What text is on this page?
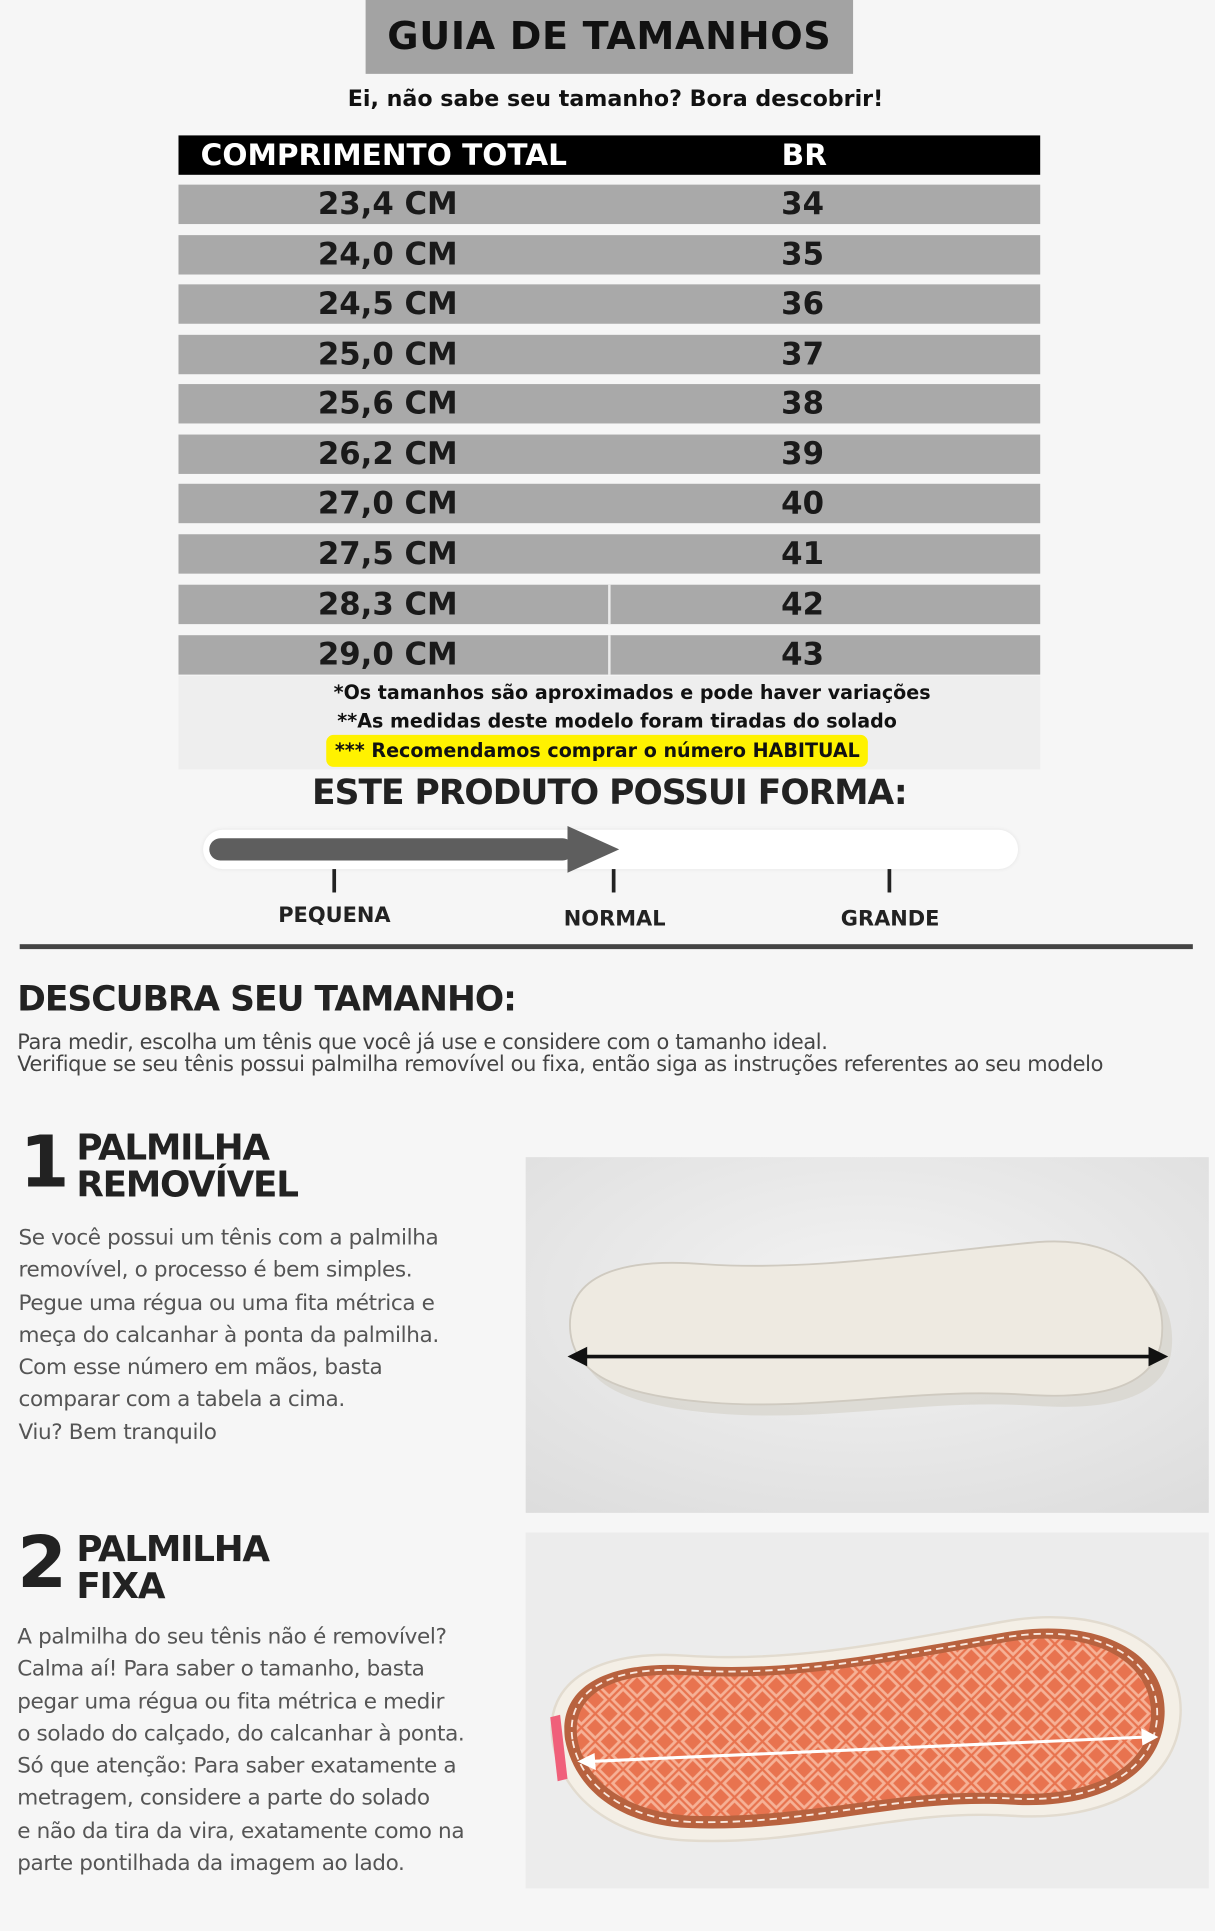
GUIA DE TAMANHOS
Ei, não sabe seu tamanho? Bora descobrir!
COMPRIMENTO TOTAL	BR
23,4 CM	34
24,0 CM	35
24,5 CM	36
25,0 CM	37
25,6 CM	38
26,2 CM	39
27,0 CM	40
27,5 CM	41
28,3 CM	42
29,0 CM	43
*Os tamanhos são aproximados e pode haver variações
**As medidas deste modelo foram tiradas do solado
*** Recomendamos comprar o número HABITUAL
ESTE PRODUTO POSSUI FORMA:
PEQUENA	NORMAL	GRANDE
DESCUBRA SEU TAMANHO:
Para medir, escolha um tênis que você já use e considere com o tamanho ideal.
Verifique se seu tênis possui palmilha removível ou fixa, então siga as instruções referentes ao seu modelo
1 PALMILHA
REMOVÍVEL
Se você possui um tênis com a palmilha
removível, o processo é bem simples.
Pegue uma régua ou uma fita métrica e
meça do calcanhar à ponta da palmilha.
Com esse número em mãos, basta
comparar com a tabela a cima.
Viu? Bem tranquilo
2 PALMILHA
FIXA
A palmilha do seu tênis não é removível?
Calma aí! Para saber o tamanho, basta
pegar uma régua ou fita métrica e medir
o solado do calçado, do calcanhar à ponta.
Só que atenção: Para saber exatamente a
metragem, considere a parte do solado
e não da tira da vira, exatamente como na
parte pontilhada da imagem ao lado.
